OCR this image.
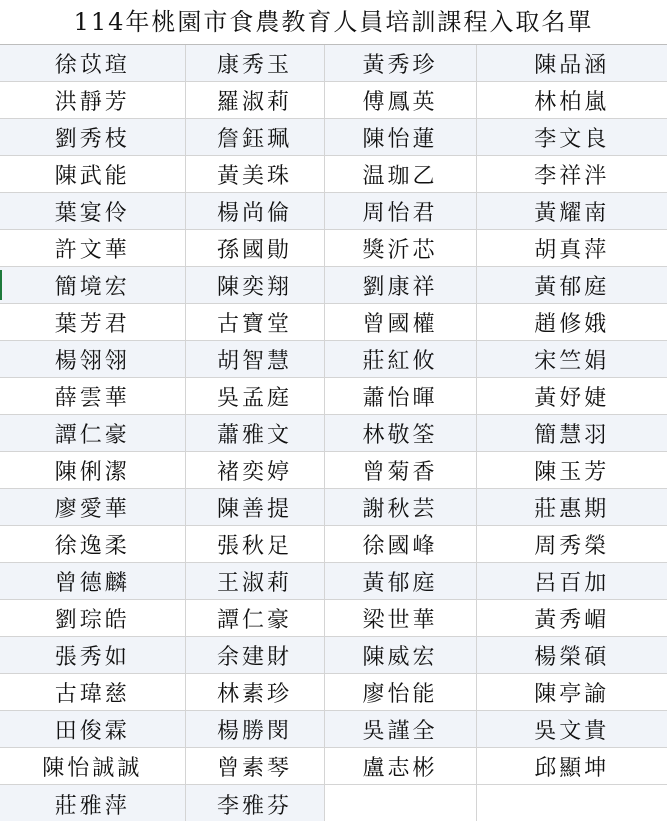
114年桃園市食農教育人員培訓課程入取名單
徐苡瑄	康秀玉	黃秀珍	陳品涵
洪靜芳	羅淑莉	傅鳳英	林柏嵐
劉秀枝	詹鈺珮	陳怡蓮	李文良
陳武能	黃美珠	温珈乙	李祥泮
葉宴伶	楊尚倫	周怡君	黃耀南
許文華	孫國勛	獎沂芯	胡真萍
簡境宏	陳奕翔	劉康祥	黃郁庭
葉芳君	古寶堂	曾國權	趙修娥
楊翎翎	胡智慧	莊紅攸	宋竺娟
薛雲華	吳孟庭	蕭怡暉	黃妤婕
譚仁豪	蕭雅文	林敬筌	簡慧羽
陳俐潔	褚奕婷	曾菊香	陳玉芳
廖愛華	陳善提	謝秋芸	莊惠期
徐逸柔	張秋足	徐國峰	周秀榮
曾德麟	王淑莉	黃郁庭	呂百加
劉琮皓	譚仁豪	梁世華	黃秀嵋
張秀如	余建財	陳威宏	楊榮碩
古瑋慈	林素珍	廖怡能	陳亭諭
田俊霖	楊勝閔	吳謹全	吳文貴
陳怡誠誠	曾素琴	盧志彬	邱顯坤
莊雅萍	李雅芬		
